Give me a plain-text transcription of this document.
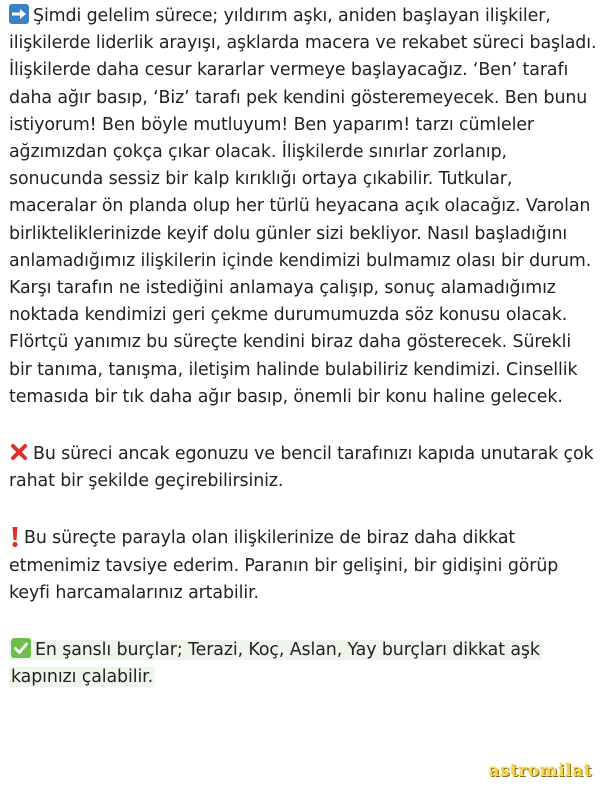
Şimdi gelelim sürece; yıldırım aşkı, aniden başlayan ilişkiler, ilişkilerde liderlik arayışı, aşklarda macera ve rekabet süreci başladı. İlişkilerde daha cesur kararlar vermeye başlayacağız. ‘Ben’ tarafı daha ağır basıp, ‘Biz’ tarafı pek kendini gösteremeyecek. Ben bunu istiyorum! Ben böyle mutluyum! Ben yaparım! tarzı cümleler ağzımızdan çokça çıkar olacak. İlişkilerde sınırlar zorlanıp, sonucunda sessiz bir kalp kırıklığı ortaya çıkabilir. Tutkular, maceralar ön planda olup her türlü heyacana açık olacağız. Varolan birlikteliklerinizde keyif dolu günler sizi bekliyor. Nasıl başladığını anlamadığımız ilişkilerin içinde kendimizi bulmamız olası bir durum. Karşı tarafın ne istediğini anlamaya çalışıp, sonuç alamadığımız noktada kendimizi geri çekme durumumuzda söz konusu olacak. Flörtçü yanımız bu süreçte kendini biraz daha gösterecek. Sürekli bir tanıma, tanışma, iletişim halinde bulabiliriz kendimizi. Cinsellik temasıda bir tık daha ağır basıp, önemli bir konu haline gelecek.

Bu süreci ancak egonuzu ve bencil tarafınızı kapıda unutarak çok rahat bir şekilde geçirebilirsiniz.

Bu süreçte parayla olan ilişkilerinize de biraz daha dikkat etmenimiz tavsiye ederim. Paranın bir gelişini, bir gidişini görüp keyfi harcamalarınız artabilir.

En şanslı burçlar; Terazi, Koç, Aslan, Yay burçları dikkat aşk kapınızı çalabilir.

astromilat
